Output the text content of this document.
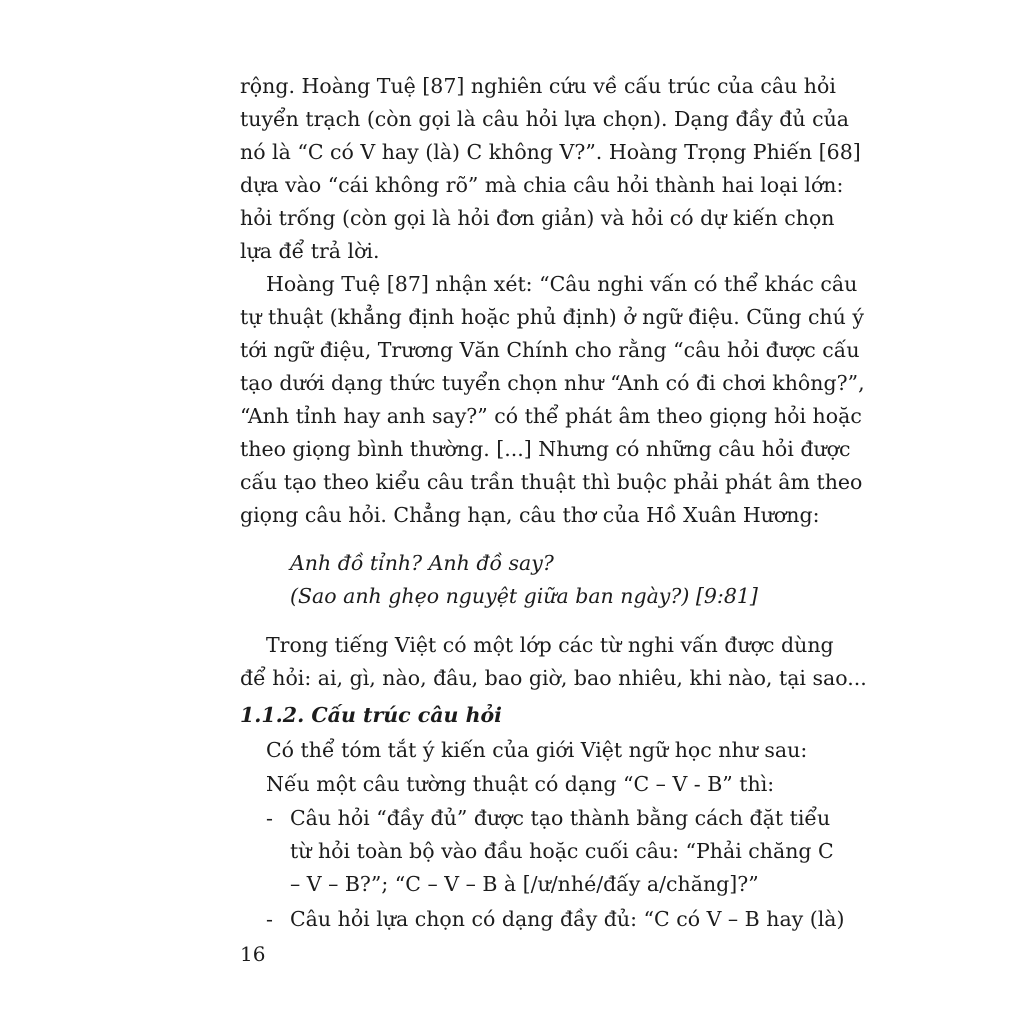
rộng. Hoàng Tuệ [87] nghiên cứu về cấu trúc của câu hỏi
tuyển trạch (còn gọi là câu hỏi lựa chọn). Dạng đầy đủ của
nó là “C có V hay (là) C không V?”. Hoàng Trọng Phiến [68]
dựa vào “cái không rõ” mà chia câu hỏi thành hai loại lớn:
hỏi trống (còn gọi là hỏi đơn giản) và hỏi có dự kiến chọn
lựa để trả lời.
Hoàng Tuệ [87] nhận xét: “Câu nghi vấn có thể khác câu
tự thuật (khẳng định hoặc phủ định) ở ngữ điệu. Cũng chú ý
tới ngữ điệu, Trương Văn Chính cho rằng “câu hỏi được cấu
tạo dưới dạng thức tuyển chọn như “Anh có đi chơi không?”,
“Anh tỉnh hay anh say?” có thể phát âm theo giọng hỏi hoặc
theo giọng bình thường. [...] Nhưng có những câu hỏi được
cấu tạo theo kiểu câu trần thuật thì buộc phải phát âm theo
giọng câu hỏi. Chẳng hạn, câu thơ của Hồ Xuân Hương:
Anh đồ tỉnh? Anh đồ say?
(Sao anh ghẹo nguyệt giữa ban ngày?) [9:81]
Trong tiếng Việt có một lớp các từ nghi vấn được dùng
để hỏi: ai, gì, nào, đâu, bao giờ, bao nhiêu, khi nào, tại sao...
1.1.2. Cấu trúc câu hỏi
Có thể tóm tắt ý kiến của giới Việt ngữ học như sau:
Nếu một câu tường thuật có dạng “C – V - B” thì:
- Câu hỏi “đầy đủ” được tạo thành bằng cách đặt tiểu
từ hỏi toàn bộ vào đầu hoặc cuối câu: “Phải chăng C
– V – B?”; “C – V – B à [/ư/nhé/đấy a/chăng]?”
- Câu hỏi lựa chọn có dạng đầy đủ: “C có V – B hay (là)
16
